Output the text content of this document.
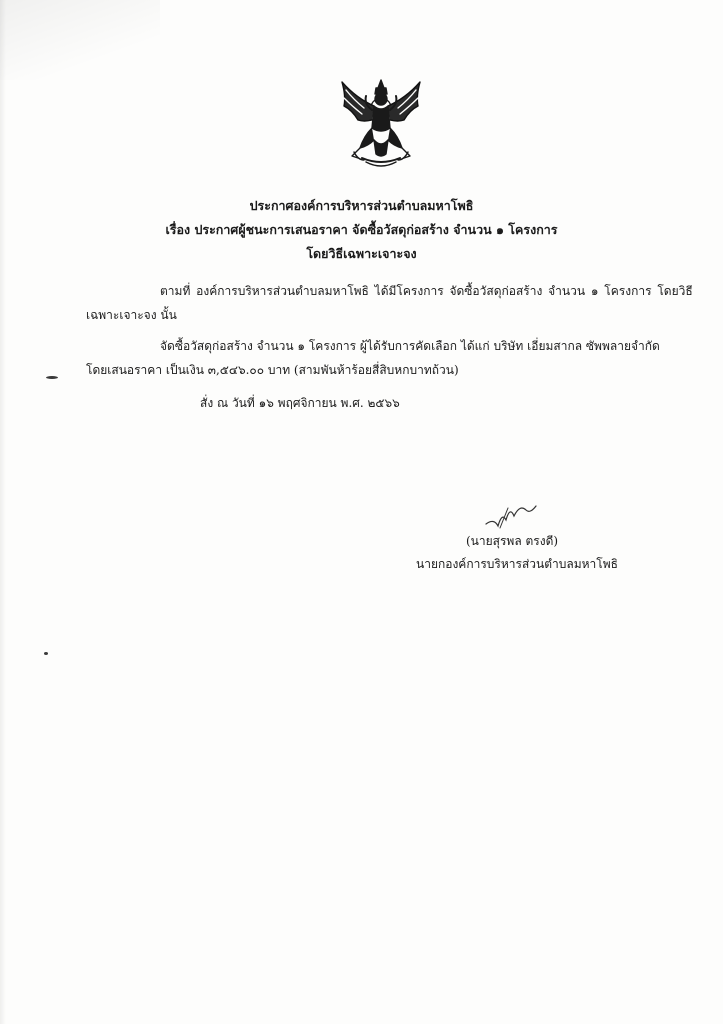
ประกาศองค์การบริหารส่วนตำบลมหาโพธิ

เรื่อง ประกาศผู้ชนะการเสนอราคา จัดซื้อวัสดุก่อสร้าง จำนวน ๑ โครงการ

โดยวิธีเฉพาะเจาะจง

ตามที่ องค์การบริหารส่วนตำบลมหาโพธิ ได้มีโครงการ จัดซื้อวัสดุก่อสร้าง จำนวน ๑ โครงการ โดยวิธี

เฉพาะเจาะจง นั้น

จัดซื้อวัสดุก่อสร้าง จำนวน ๑ โครงการ ผู้ได้รับการคัดเลือก ได้แก่ บริษัท เอี่ยมสากล ซัพพลายจำกัด

โดยเสนอราคา เป็นเงิน ๓,๕๔๖.๐๐ บาท (สามพันห้าร้อยสี่สิบหกบาทถ้วน)

สั่ง ณ วันที่ ๑๖ พฤศจิกายน พ.ศ. ๒๕๖๖

(นายสุรพล ตรงดี)

นายกองค์การบริหารส่วนตำบลมหาโพธิ
